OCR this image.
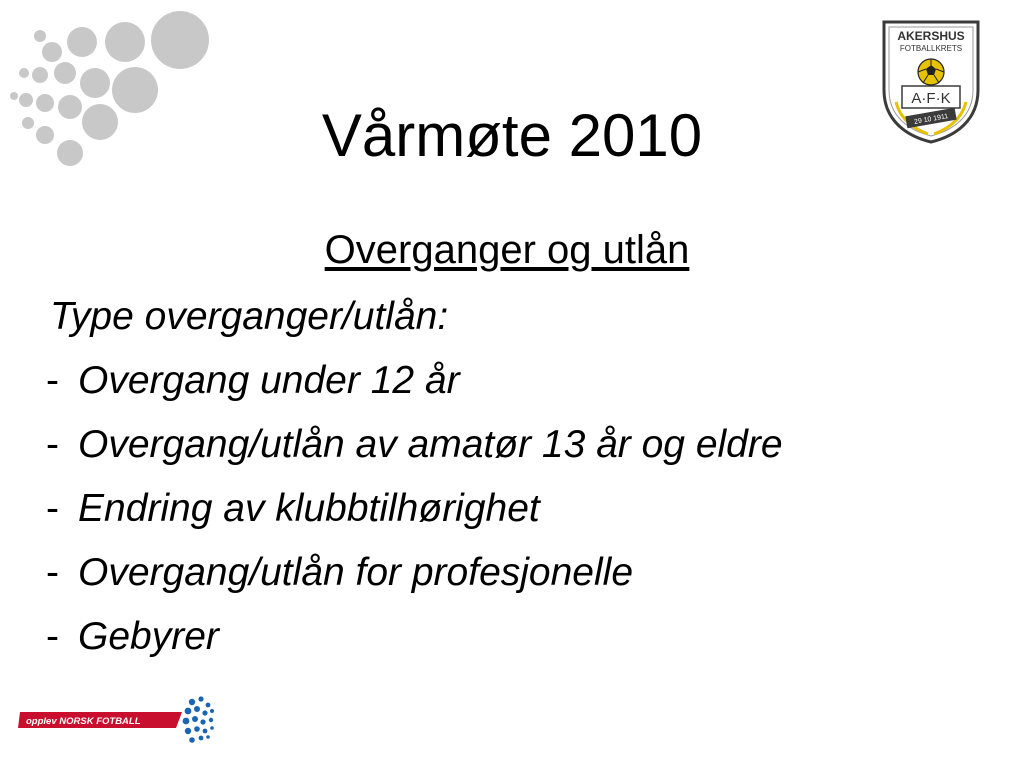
Vårmøte 2010
Overganger og utlån
Type overganger/utlån:
- Overgang under 12 år
- Overgang/utlån av amatør 13 år og eldre
- Endring av klubbtilhørighet
- Overgang/utlån for profesjonelle
- Gebyrer
AKERSHUS
FOTBALLKRETS
A·F·K
29 10 1911
opplev NORSK FOTBALL
